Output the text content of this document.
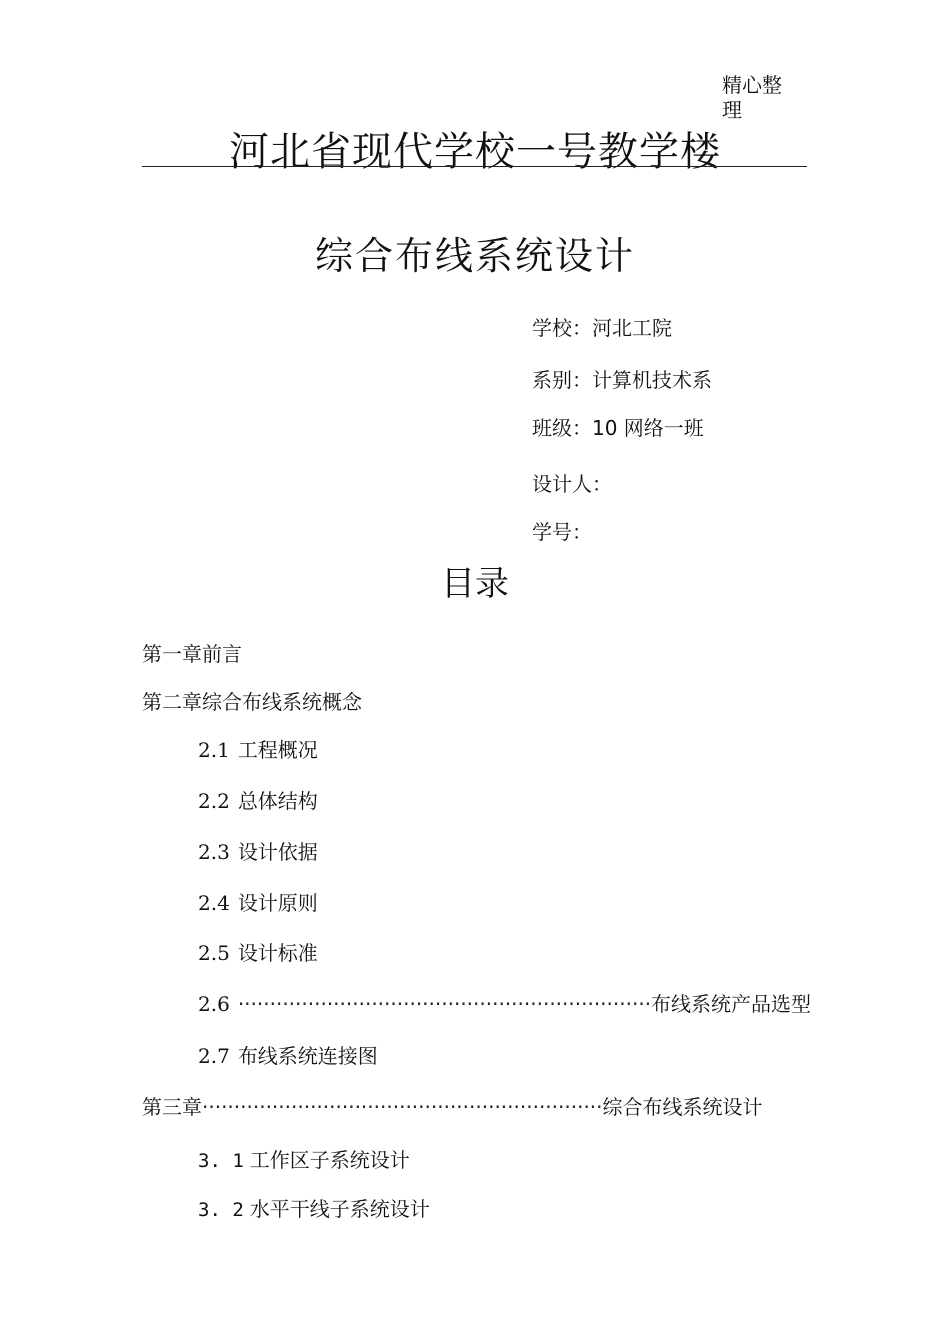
精心整理
河北省现代学校一号教学楼
综合布线系统设计
学校：河北工院
系别：计算机技术系
班级：10 网络一班
设计人：
学号：
目录
第一章前言
第二章综合布线系统概念
2.1 工程概况
2.2 总体结构
2.3 设计依据
2.4 设计原则
2.5 设计标准
2.6 ·································································布线系统产品选型
2.7 布线系统连接图
第三章·······························································综合布线系统设计
3. 1 工作区子系统设计
3. 2 水平干线子系统设计
